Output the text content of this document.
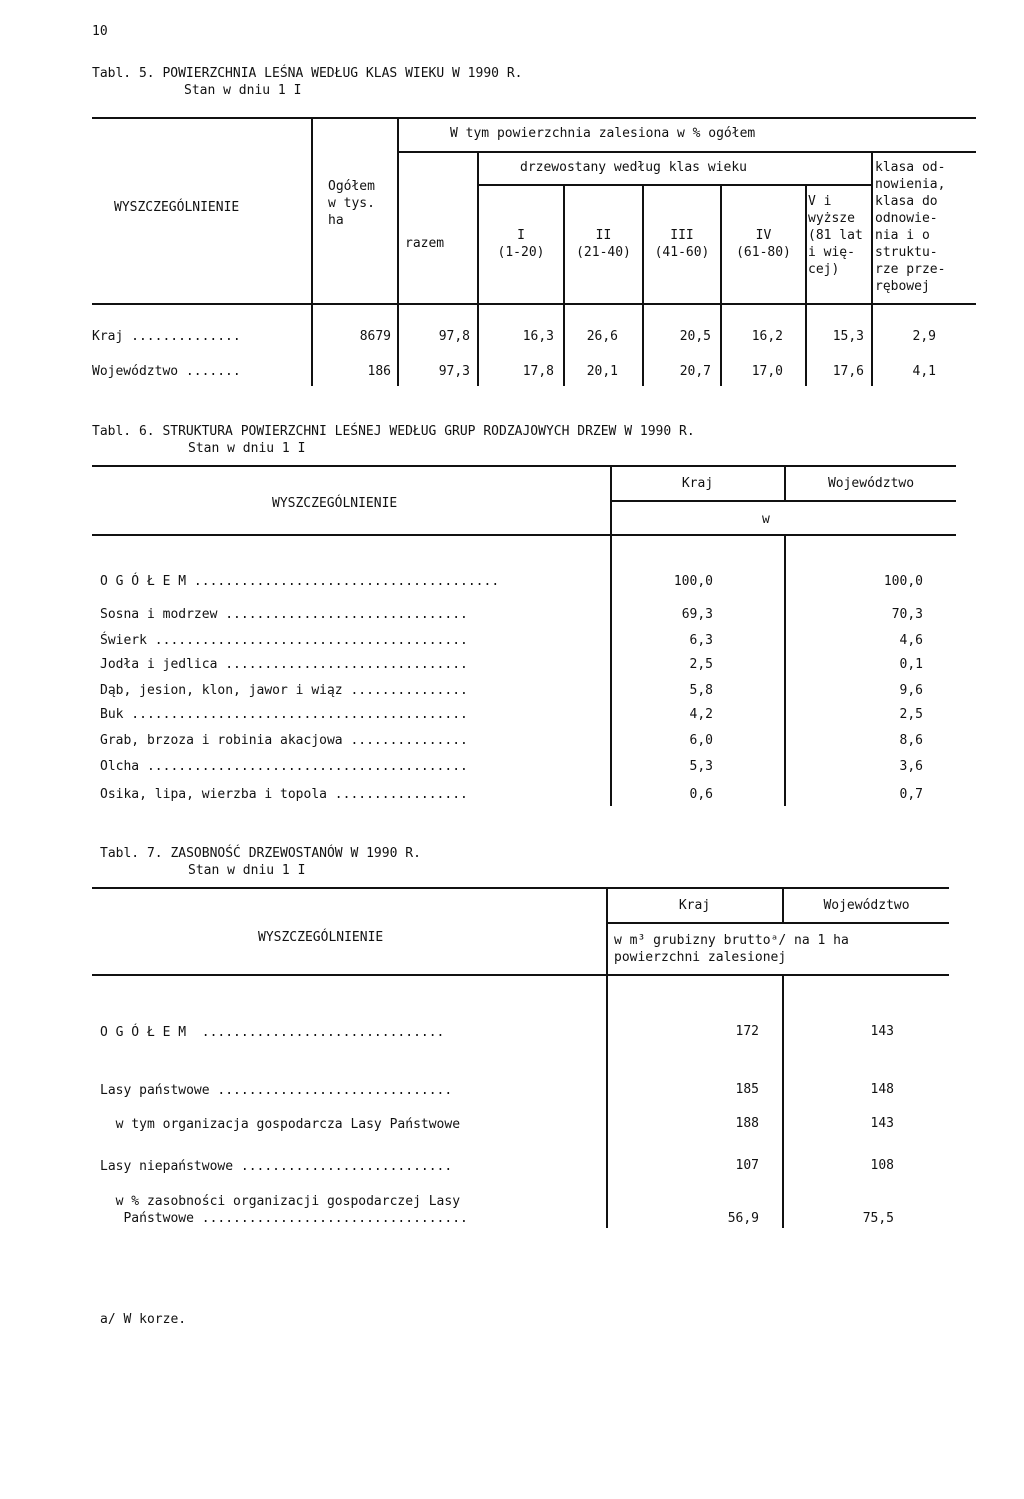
10
Tabl. 5. POWIERZCHNIA LEŚNA WEDŁUG KLAS WIEKU W 1990 R.
Stan w dniu 1 I
WYSZCZEGÓLNIENIE
Ogółem
w tys.
ha
W tym powierzchnia zalesiona w % ogółem
razem
drzewostany według klas wieku
I
(1-20)
II
(21-40)
III
(41-60)
IV
(61-80)
V i
wyższe
(81 lat
i wię-
cej)
klasa od-
nowienia,
klasa do
odnowie-
nia i o
struktu-
rze prze-
rębowej
Kraj ..............	8679	97,8	16,3	26,6	20,5	16,2	15,3	2,9
Województwo .......	186	97,3	17,8	20,1	20,7	17,0	17,6	4,1
Tabl. 6. STRUKTURA POWIERZCHNI LEŚNEJ WEDŁUG GRUP RODZAJOWYCH DRZEW W 1990 R.
Stan w dniu 1 I
WYSZCZEGÓLNIENIE
Kraj	Województwo
w
O G Ó Ł E M .......................................	100,0	100,0
Sosna i modrzew ...............................	69,3	70,3
Świerk ........................................	6,3	4,6
Jodła i jedlica ...............................	2,5	0,1
Dąb, jesion, klon, jawor i wiąz ...............	5,8	9,6
Buk ...........................................	4,2	2,5
Grab, brzoza i robinia akacjowa ...............	6,0	8,6
Olcha .........................................	5,3	3,6
Osika, lipa, wierzba i topola .................	0,6	0,7
Tabl. 7. ZASOBNOŚĆ DRZEWOSTANÓW W 1990 R.
Stan w dniu 1 I
WYSZCZEGÓLNIENIE
Kraj	Województwo
w m³ grubizny bruttoᵃ/ na 1 ha
powierzchni zalesionej
O G Ó Ł E M  ...............................	172	143
Lasy państwowe ..............................	185	148
w tym organizacja gospodarcza Lasy Państwowe	188	143
Lasy niepaństwowe ...........................	107	108
w % zasobności organizacji gospodarczej Lasy
Państwowe ..................................	56,9	75,5
a/ W korze.
